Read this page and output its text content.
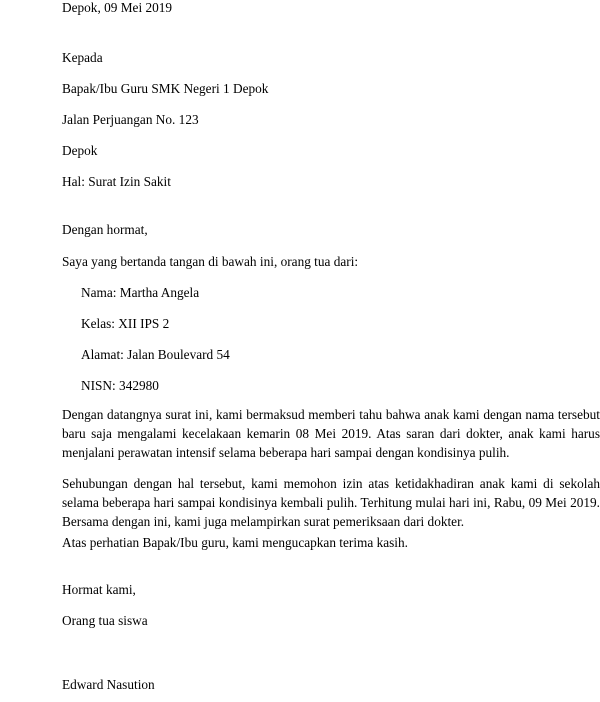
Depok, 09 Mei 2019
Kepada
Bapak/Ibu Guru SMK Negeri 1 Depok
Jalan Perjuangan No. 123
Depok
Hal: Surat Izin Sakit
Dengan hormat,
Saya yang bertanda tangan di bawah ini, orang tua dari:
Nama: Martha Angela
Kelas: XII IPS 2
Alamat: Jalan Boulevard 54
NISN: 342980
Dengan datangnya surat ini, kami bermaksud memberi tahu bahwa anak kami dengan nama tersebut baru saja mengalami kecelakaan kemarin 08 Mei 2019. Atas saran dari dokter, anak kami harus menjalani perawatan intensif selama beberapa hari sampai dengan kondisinya pulih.
Sehubungan dengan hal tersebut, kami memohon izin atas ketidakhadiran anak kami di sekolah selama beberapa hari sampai kondisinya kembali pulih. Terhitung mulai hari ini, Rabu, 09 Mei 2019. Bersama dengan ini, kami juga melampirkan surat pemeriksaan dari dokter.
Atas perhatian Bapak/Ibu guru, kami mengucapkan terima kasih.
Hormat kami,
Orang tua siswa
Edward Nasution
